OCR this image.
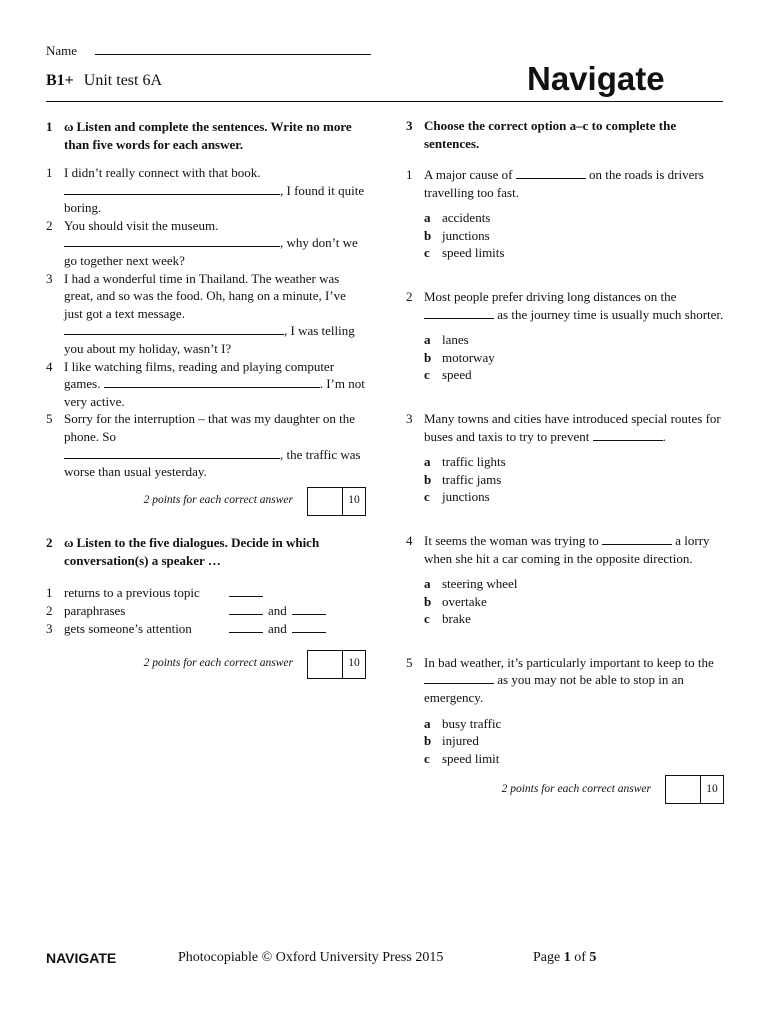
Name
B1+ Unit test 6A	Navigate
1 ω Listen and complete the sentences. Write no more than five words for each answer.
1 I didn’t really connect with that book.
, I found it quite boring.
2 You should visit the museum.
, why don’t we go together next week?
3 I had a wonderful time in Thailand. The weather was great, and so was the food. Oh, hang on a minute, I’ve just got a text message.
, I was telling you about my holiday, wasn’t I?
4 I like watching films, reading and playing computer games.	. I’m not very active.
5 Sorry for the interruption – that was my daughter on the phone. So
, the traffic was worse than usual yesterday.
2 points for each correct answer	10
2 ω Listen to the five dialogues. Decide in which conversation(s) a speaker …
1 returns to a previous topic
2 paraphrases	and
3 gets someone’s attention	and
2 points for each correct answer	10
3 Choose the correct option a–c to complete the sentences.
1 A major cause of	on the roads is drivers travelling too fast.
a accidents
b junctions
c speed limits
2 Most people prefer driving long distances on the  as the journey time is usually much shorter.
a lanes
b motorway
c speed
3 Many towns and cities have introduced special routes for buses and taxis to try to prevent	.
a traffic lights
b traffic jams
c junctions
4 It seems the woman was trying to	a lorry when she hit a car coming in the opposite direction.
a steering wheel
b overtake
c brake
5 In bad weather, it’s particularly important to keep to the  as you may not be able to stop in an emergency.
a busy traffic
b injured
c speed limit
2 points for each correct answer	10
NAVIGATE	Photocopiable © Oxford University Press 2015	Page 1 of 5
